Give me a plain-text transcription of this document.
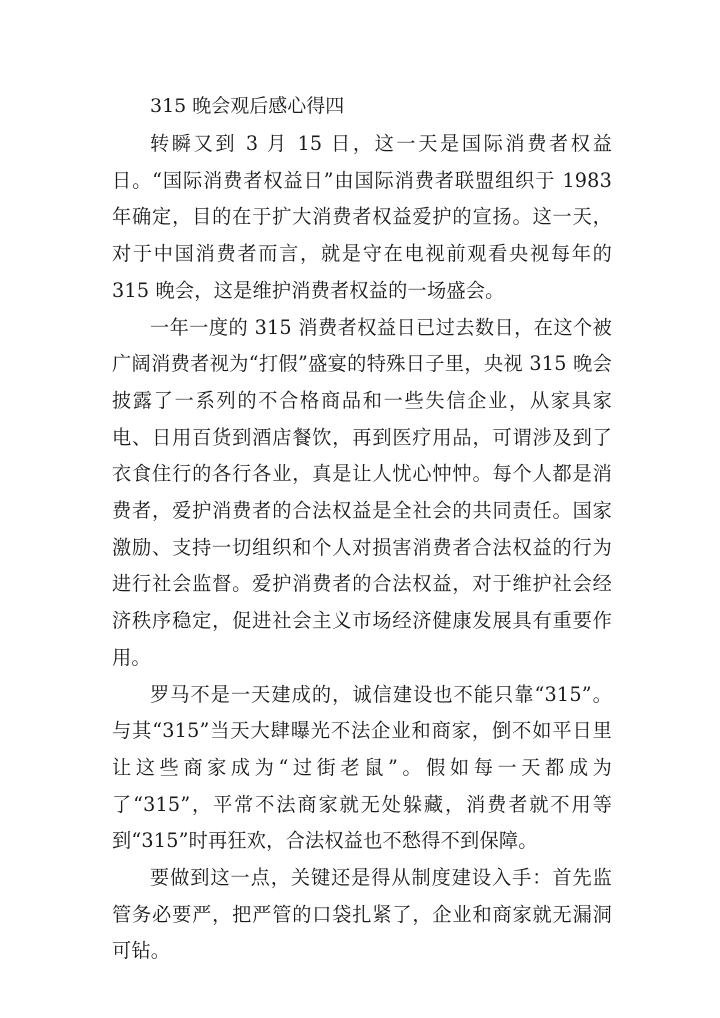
315 晚会观后感心得四

转瞬又到 3 月 15 日，这一天是国际消费者权益日。“国际消费者权益日”由国际消费者联盟组织于 1983 年确定，目的在于扩大消费者权益爱护的宣扬。这一天，对于中国消费者而言，就是守在电视前观看央视每年的 315 晚会，这是维护消费者权益的一场盛会。

一年一度的 315 消费者权益日已过去数日，在这个被广阔消费者视为“打假”盛宴的特殊日子里，央视 315 晚会披露了一系列的不合格商品和一些失信企业，从家具家电、日用百货到酒店餐饮，再到医疗用品，可谓涉及到了衣食住行的各行各业，真是让人忧心忡忡。每个人都是消费者，爱护消费者的合法权益是全社会的共同责任。国家激励、支持一切组织和个人对损害消费者合法权益的行为进行社会监督。爱护消费者的合法权益，对于维护社会经济秩序稳定，促进社会主义市场经济健康发展具有重要作用。

罗马不是一天建成的，诚信建设也不能只靠“315”。与其“315”当天大肆曝光不法企业和商家，倒不如平日里让这些商家成为“过街老鼠”。假如每一天都成为了“315”，平常不法商家就无处躲藏，消费者就不用等到“315”时再狂欢，合法权益也不愁得不到保障。

要做到这一点，关键还是得从制度建设入手：首先监管务必要严，把严管的口袋扎紧了，企业和商家就无漏洞可钻。
